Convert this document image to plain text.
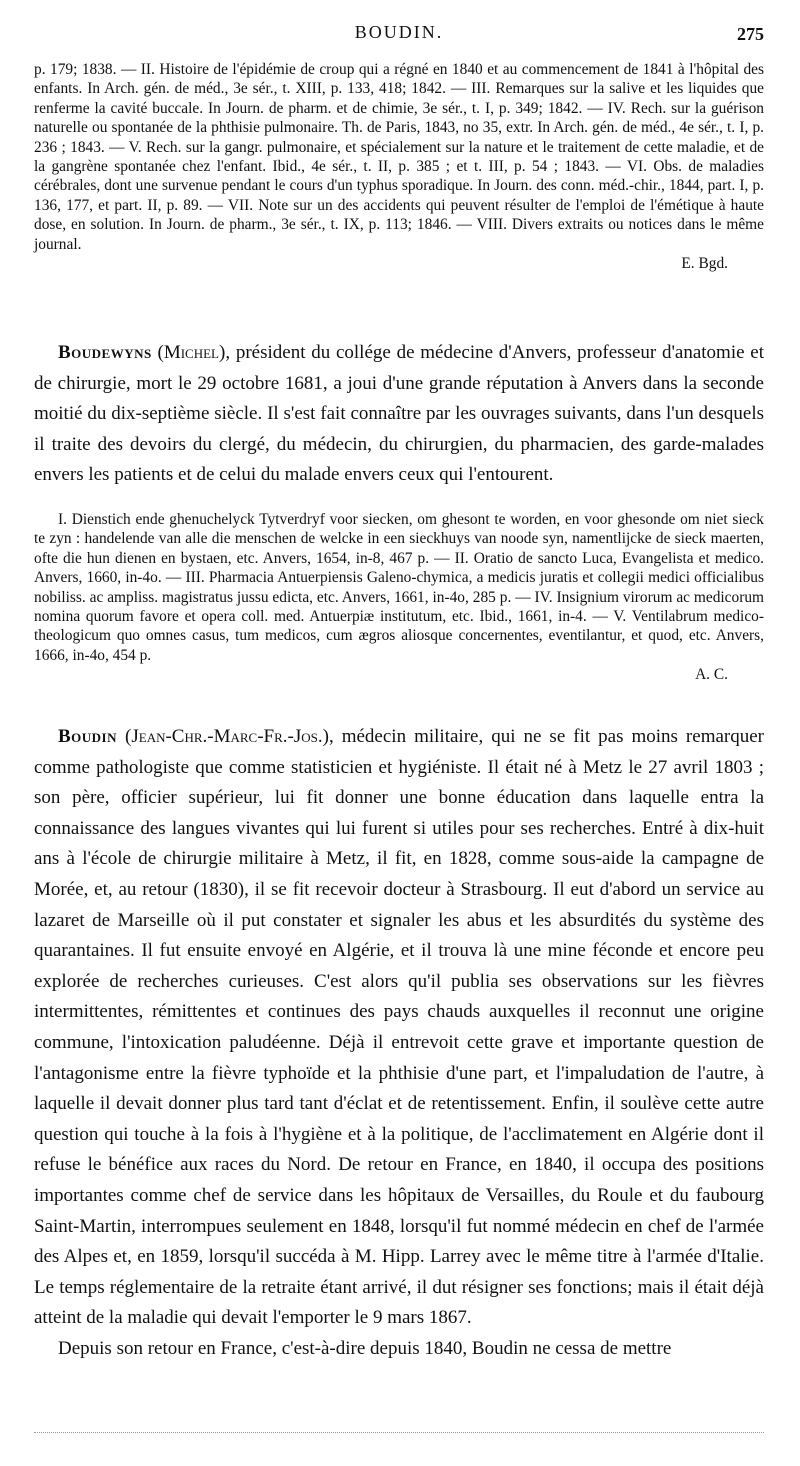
BOUDIN.	275

p. 179; 1838. — II. Histoire de l'épidémie de croup qui a régné en 1840 et au commencement de 1841 à l'hôpital des enfants. In Arch. gén. de méd., 3e sér., t. XIII, p. 133, 418; 1842. — III. Remarques sur la salive et les liquides que renferme la cavité buccale. In Journ. de pharm. et de chimie, 3e sér., t. I, p. 349; 1842. — IV. Rech. sur la guérison naturelle ou spontanée de la phthisie pulmonaire. Th. de Paris, 1843, no 35, extr. In Arch. gén. de méd., 4e sér., t. I, p. 236 ; 1843. — V. Rech. sur la gangr. pulmonaire, et spécialement sur la nature et le traitement de cette maladie, et de la gangrène spontanée chez l'enfant. Ibid., 4e sér., t. II, p. 385 ; et t. III, p. 54 ; 1843. — VI. Obs. de maladies cérébrales, dont une survenue pendant le cours d'un typhus sporadique. In Journ. des conn. méd.-chir., 1844, part. I, p. 136, 177, et part. II, p. 89. — VII. Note sur un des accidents qui peuvent résulter de l'emploi de l'émétique à haute dose, en solution. In Journ. de pharm., 3e sér., t. IX, p. 113; 1846. — VIII. Divers extraits ou notices dans le même journal.

E. Bgd.

Boudewyns (Michel), président du collége de médecine d'Anvers, professeur d'anatomie et de chirurgie, mort le 29 octobre 1681, a joui d'une grande réputation à Anvers dans la seconde moitié du dix-septième siècle. Il s'est fait connaître par les ouvrages suivants, dans l'un desquels il traite des devoirs du clergé, du médecin, du chirurgien, du pharmacien, des garde-malades envers les patients et de celui du malade envers ceux qui l'entourent.

I. Dienstich ende ghenuchelyck Tytverdryf voor siecken, om ghesont te worden, en voor ghesonde om niet sieck te zyn : handelende van alle die menschen de welcke in een sieckhuys van noode syn, namentlijcke de sieck maerten, ofte die hun dienen en bystaen, etc. Anvers, 1654, in-8, 467 p. — II. Oratio de sancto Luca, Evangelista et medico. Anvers, 1660, in-4o. — III. Pharmacia Antuerpiensis Galeno-chymica, a medicis juratis et collegii medici officialibus nobiliss. ac ampliss. magistratus jussu edicta, etc. Anvers, 1661, in-4o, 285 p. — IV. Insignium virorum ac medicorum nomina quorum favore et opera coll. med. Antuerpiæ institutum, etc. Ibid., 1661, in-4. — V. Ventilabrum medico-theologicum quo omnes casus, tum medicos, cum ægros aliosque concernentes, eventilantur, et quod, etc. Anvers, 1666, in-4o, 454 p.

A. C.

Boudin (Jean-Chr.-Marc-Fr.-Jos.), médecin militaire, qui ne se fit pas moins remarquer comme pathologiste que comme statisticien et hygiéniste. Il était né à Metz le 27 avril 1803 ; son père, officier supérieur, lui fit donner une bonne éducation dans laquelle entra la connaissance des langues vivantes qui lui furent si utiles pour ses recherches. Entré à dix-huit ans à l'école de chirurgie militaire à Metz, il fit, en 1828, comme sous-aide la campagne de Morée, et, au retour (1830), il se fit recevoir docteur à Strasbourg. Il eut d'abord un service au lazaret de Marseille où il put constater et signaler les abus et les absurdités du système des quarantaines. Il fut ensuite envoyé en Algérie, et il trouva là une mine féconde et encore peu explorée de recherches curieuses. C'est alors qu'il publia ses observations sur les fièvres intermittentes, rémittentes et continues des pays chauds auxquelles il reconnut une origine commune, l'intoxication paludéenne. Déjà il entrevoit cette grave et importante question de l'antagonisme entre la fièvre typhoïde et la phthisie d'une part, et l'impaludation de l'autre, à laquelle il devait donner plus tard tant d'éclat et de retentissement. Enfin, il soulève cette autre question qui touche à la fois à l'hygiène et à la politique, de l'acclimatement en Algérie dont il refuse le bénéfice aux races du Nord. De retour en France, en 1840, il occupa des positions importantes comme chef de service dans les hôpitaux de Versailles, du Roule et du faubourg Saint-Martin, interrompues seulement en 1848, lorsqu'il fut nommé médecin en chef de l'armée des Alpes et, en 1859, lorsqu'il succéda à M. Hipp. Larrey avec le même titre à l'armée d'Italie. Le temps réglementaire de la retraite étant arrivé, il dut résigner ses fonctions; mais il était déjà atteint de la maladie qui devait l'emporter le 9 mars 1867.

Depuis son retour en France, c'est-à-dire depuis 1840, Boudin ne cessa de mettre
